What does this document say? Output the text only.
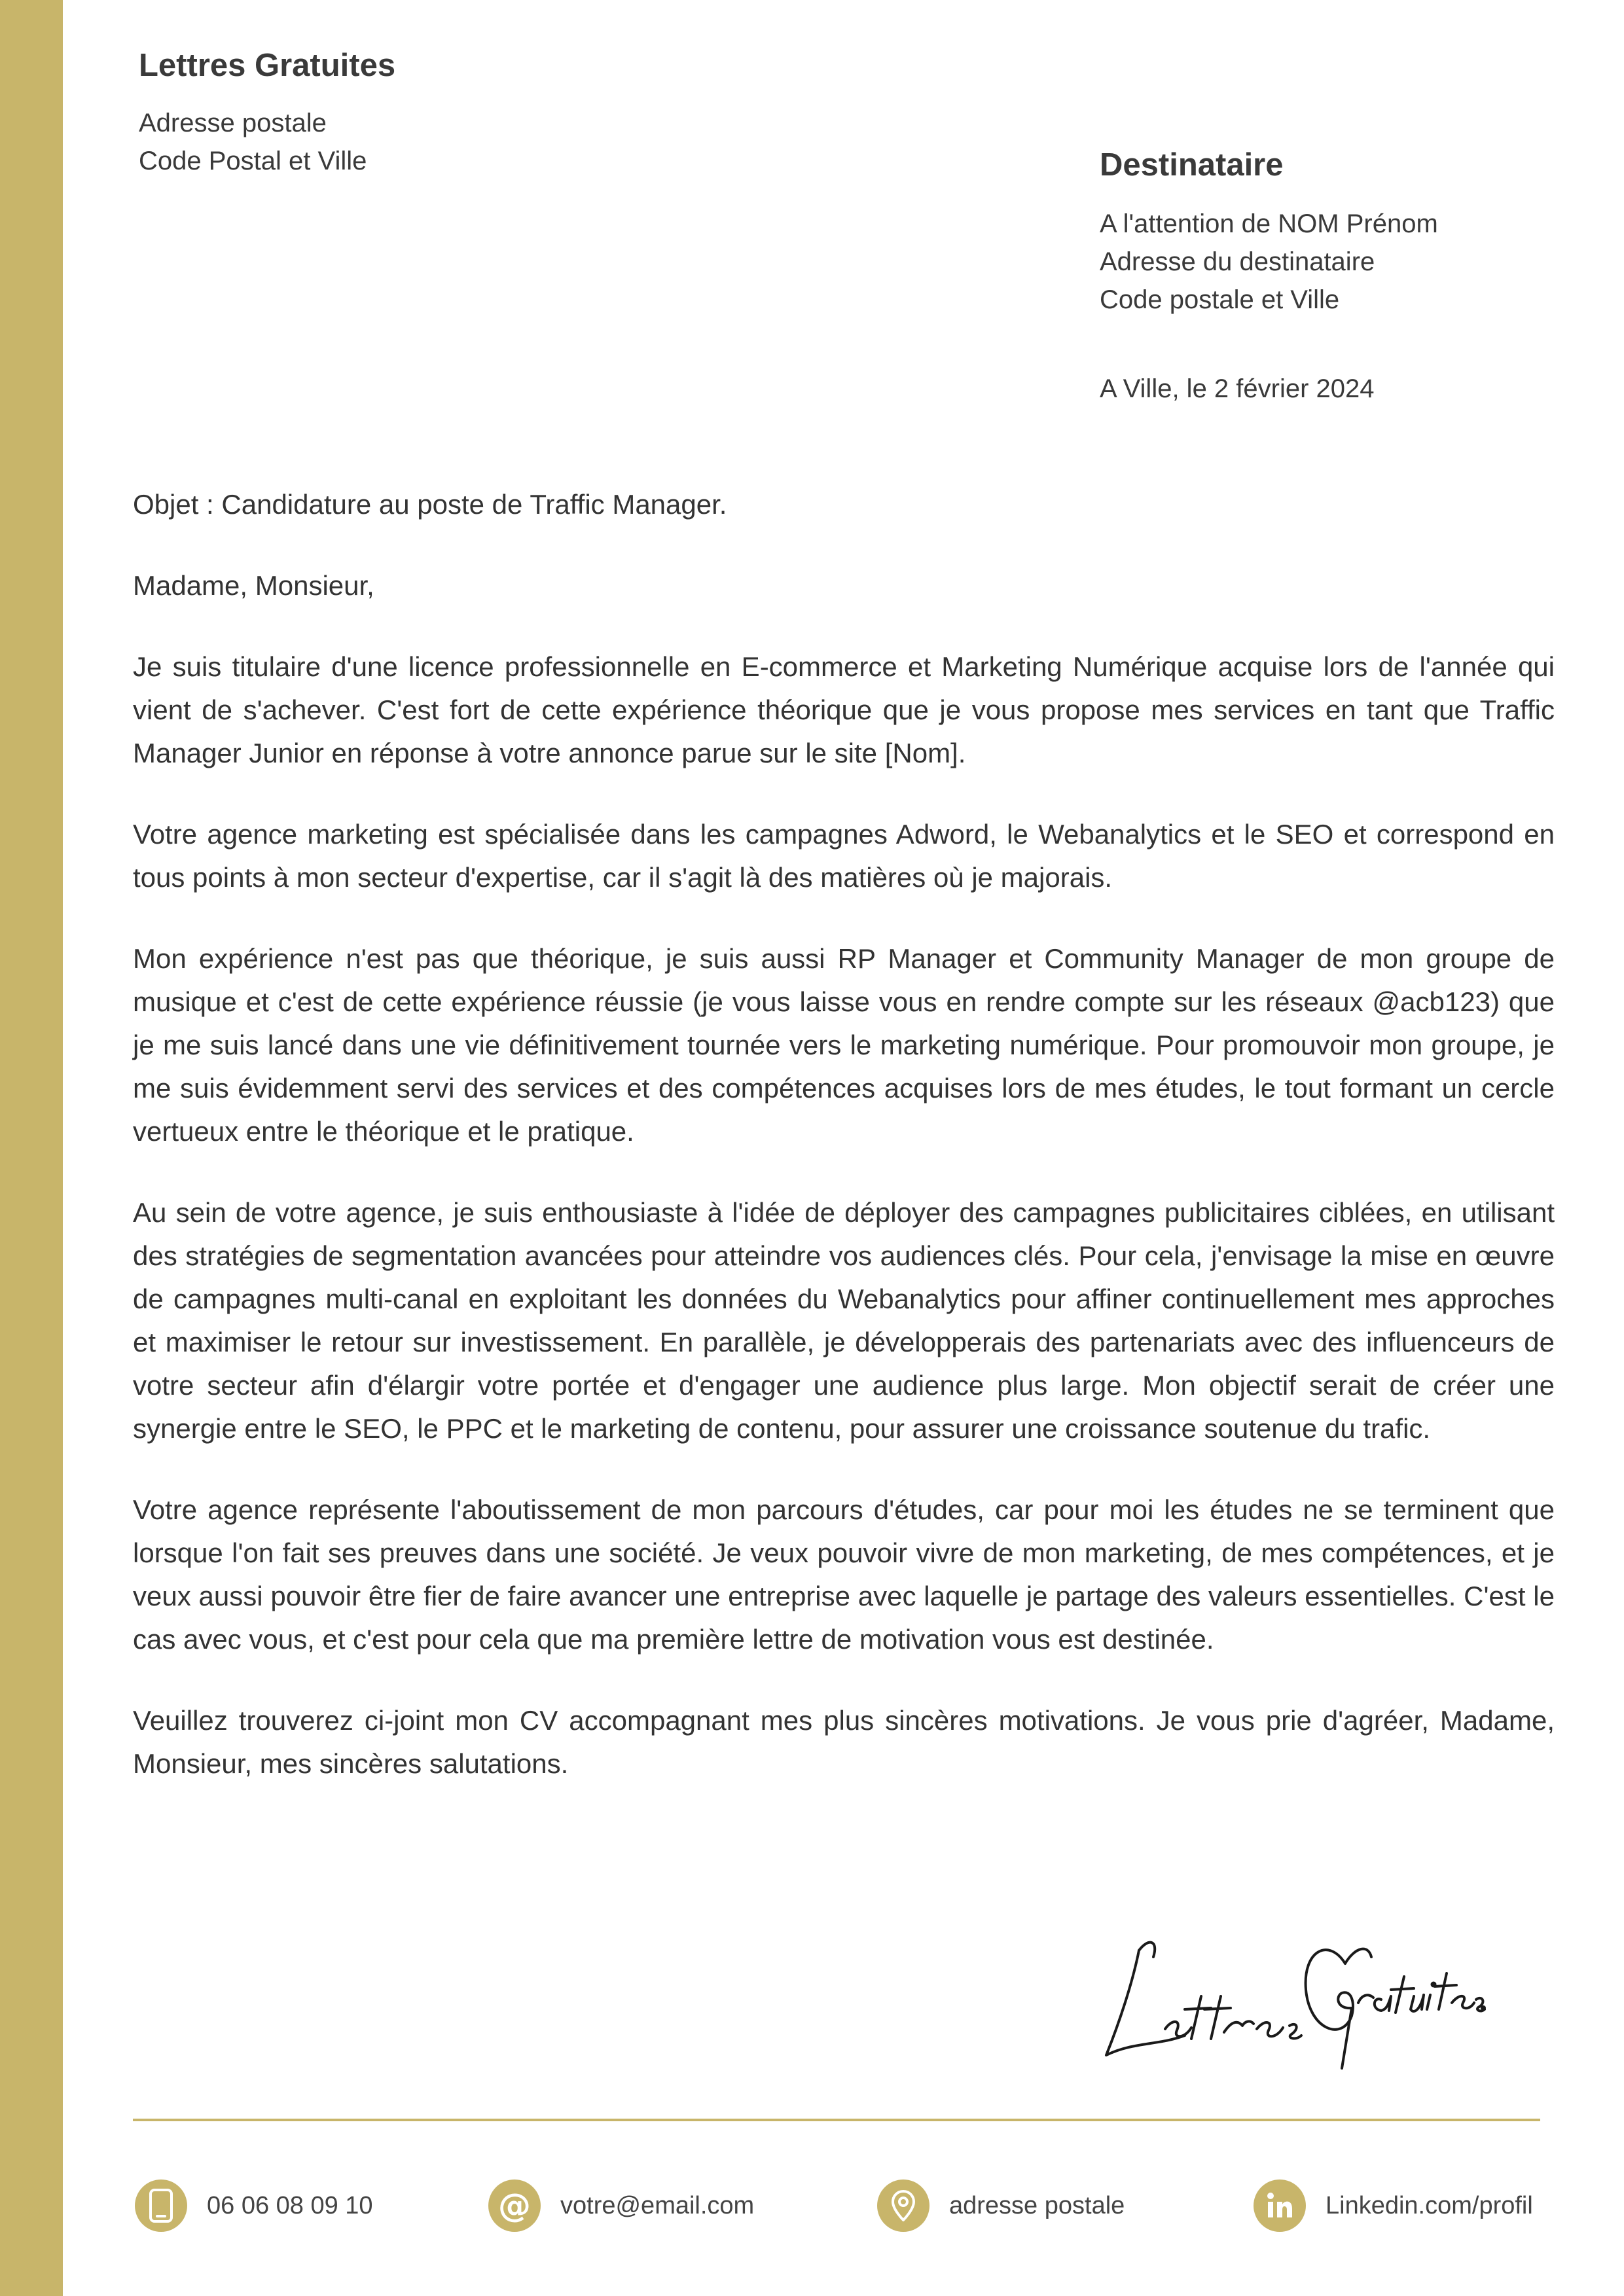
Lettres Gratuites
Adresse postale
Code Postal et Ville	Destinataire
A l'attention de NOM Prénom
Adresse du destinataire
Code postale et Ville
A Ville, le 2 février 2024

Objet : Candidature au poste de Traffic Manager.

Madame, Monsieur,

Je suis titulaire d'une licence professionnelle en E-commerce et Marketing Numérique acquise lors de l'année qui vient de s'achever. C'est fort de cette expérience théorique que je vous propose mes services en tant que Traffic Manager Junior en réponse à votre annonce parue sur le site [Nom].

Votre agence marketing est spécialisée dans les campagnes Adword, le Webanalytics et le SEO et correspond en tous points à mon secteur d'expertise, car il s'agit là des matières où je majorais.

Mon expérience n'est pas que théorique, je suis aussi RP Manager et Community Manager de mon groupe de musique et c'est de cette expérience réussie (je vous laisse vous en rendre compte sur les réseaux @acb123) que je me suis lancé dans une vie définitivement tournée vers le marketing numérique. Pour promouvoir mon groupe, je me suis évidemment servi des services et des compétences acquises lors de mes études, le tout formant un cercle vertueux entre le théorique et le pratique.

Au sein de votre agence, je suis enthousiaste à l'idée de déployer des campagnes publicitaires ciblées, en utilisant des stratégies de segmentation avancées pour atteindre vos audiences clés. Pour cela, j'envisage la mise en œuvre de campagnes multi-canal en exploitant les données du Webanalytics pour affiner continuellement mes approches et maximiser le retour sur investissement. En parallèle, je développerais des partenariats avec des influenceurs de votre secteur afin d'élargir votre portée et d'engager une audience plus large. Mon objectif serait de créer une synergie entre le SEO, le PPC et le marketing de contenu, pour assurer une croissance soutenue du trafic.

Votre agence représente l'aboutissement de mon parcours d'études, car pour moi les études ne se terminent que lorsque l'on fait ses preuves dans une société. Je veux pouvoir vivre de mon marketing, de mes compétences, et je veux aussi pouvoir être fier de faire avancer une entreprise avec laquelle je partage des valeurs essentielles. C'est le cas avec vous, et c'est pour cela que ma première lettre de motivation vous est destinée.

Veuillez trouverez ci-joint mon CV accompagnant mes plus sincères motivations. Je vous prie d'agréer, Madame, Monsieur, mes sincères salutations.

06 06 08 09 10	@ votre@email.com	adresse postale	Linkedin.com/profil
